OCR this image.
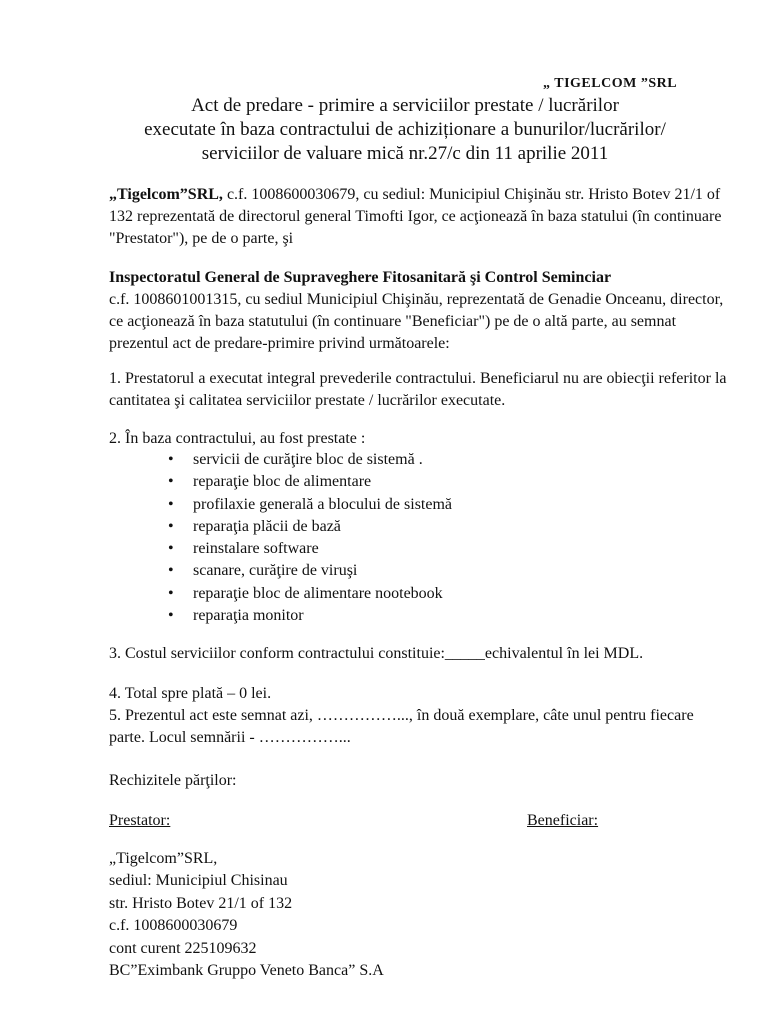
„ TIGELCOM ”SRL
Act de predare - primire a serviciilor prestate / lucrărilor
executate în baza contractului de achiziționare a bunurilor/lucrărilor/
serviciilor de valuare mică nr.27/c din 11 aprilie 2011
„Tigelcom”SRL, c.f. 1008600030679, cu sediul: Municipiul Chişinău str. Hristo Botev 21/1 of 132 reprezentată de directorul general Timofti Igor, ce acţionează în baza statului (în continuare "Prestator"), pe de o parte, şi
Inspectoratul General de Supraveghere Fitosanitară şi Control Seminciar
c.f. 1008601001315, cu sediul Municipiul Chişinău, reprezentată de Genadie Onceanu, director, ce acţionează în baza statutului (în continuare "Beneficiar") pe de o altă parte, au semnat prezentul act de predare-primire privind următoarele:
1. Prestatorul a executat integral prevederile contractului. Beneficiarul nu are obiecţii referitor la cantitatea şi calitatea serviciilor prestate / lucrărilor executate.
2. În baza contractului, au fost prestate :
• servicii de curăţire bloc de sistemă .
• reparaţie bloc de alimentare
• profilaxie generală a blocului de sistemă
• reparaţia plăcii de bază
• reinstalare software
• scanare, curăţire de viruşi
• reparaţie bloc de alimentare nootebook
• reparaţia monitor
3. Costul serviciilor conform contractului constituie:_____echivalentul în lei MDL.
4. Total spre plată – 0 lei.
5. Prezentul act este semnat azi, ……………..., în două exemplare, câte unul pentru fiecare parte. Locul semnării - ……………...
Rechizitele părţilor:
Prestator:	Beneficiar:
„Tigelcom”SRL,
sediul: Municipiul Chisinau
str. Hristo Botev 21/1 of 132
c.f. 1008600030679
cont curent 225109632
BC”Eximbank Gruppo Veneto Banca” S.A
